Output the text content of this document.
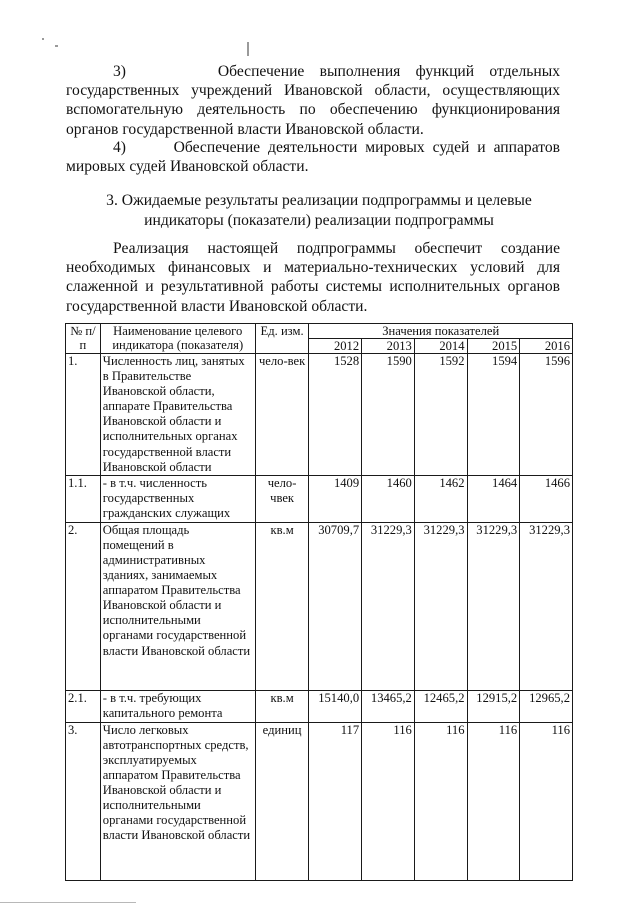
3)      Обеспечение выполнения функций отдельных государственных учреждений Ивановской области, осуществляющих вспомогательную деятельность по обеспечению функционирования органов государственной власти Ивановской области.

4)      Обеспечение деятельности мировых судей и аппаратов мировых судей Ивановской области.

3. Ожидаемые результаты реализации подпрограммы и целевые
индикаторы (показатели) реализации подпрограммы

Реализация настоящей подпрограммы обеспечит создание необходимых финансовых и материально-технических условий для слаженной и результативной работы системы исполнительных органов государственной власти Ивановской области.

№ п/п	Наименование целевого индикатора (показателя)	Ед. изм.	Значения показателей				
			2012	2013	2014	2015	2016
1.	Численность лиц, занятых в Правительстве Ивановской области, аппарате Правительства Ивановской области и исполнительных органах государственной власти Ивановской области	чело-век	1528	1590	1592	1594	1596
1.1.	- в т.ч. численность государственных гражданских служащих	чело-чвек	1409	1460	1462	1464	1466
2.	Общая площадь помещений в административных зданиях, занимаемых аппаратом Правительства Ивановской области и исполнительными органами государственной власти Ивановской области	кв.м	30709,7	31229,3	31229,3	31229,3	31229,3
2.1.	- в т.ч. требующих капитального ремонта	кв.м	15140,0	13465,2	12465,2	12915,2	12965,2
3.	Число легковых автотранспортных средств, эксплуатируемых аппаратом Правительства Ивановской области и исполнительными органами государственной власти Ивановской области	единиц	117	116	116	116	116
